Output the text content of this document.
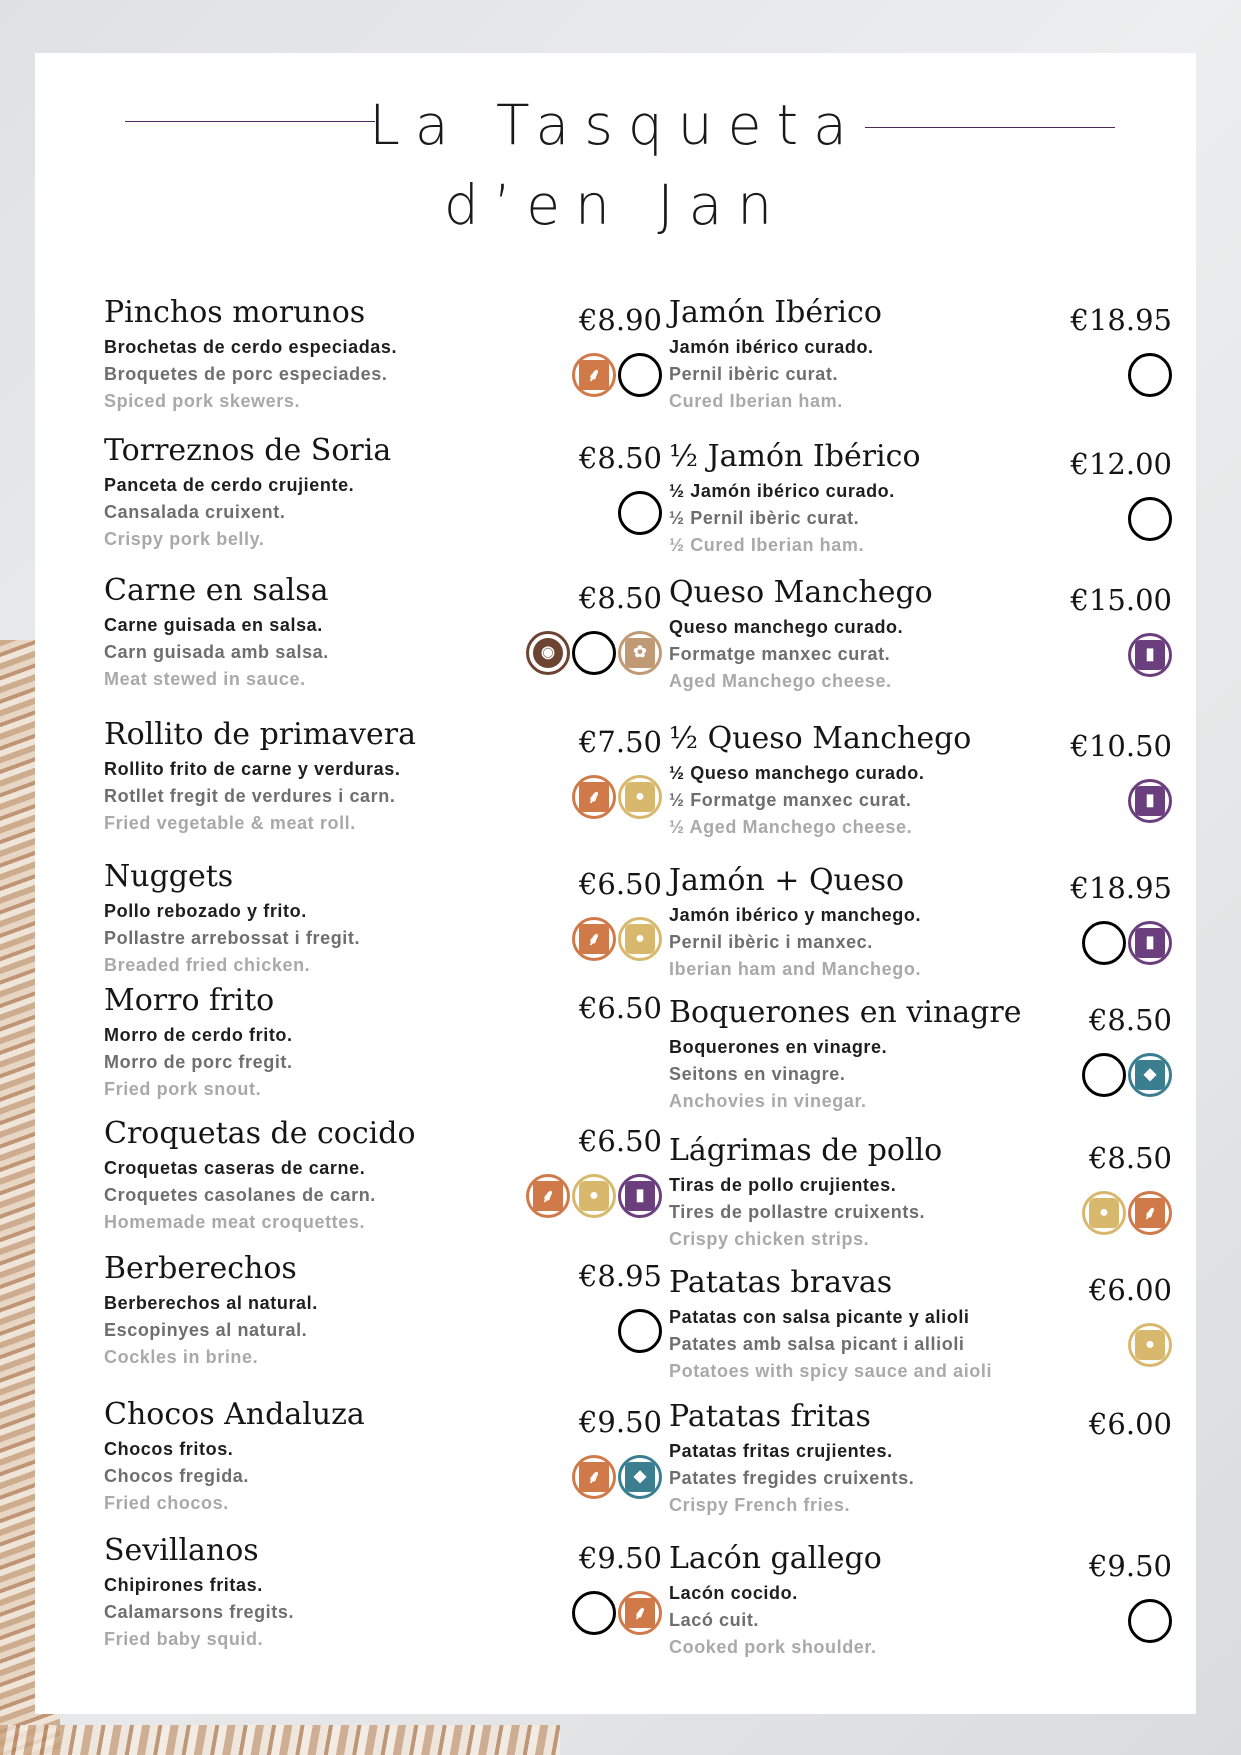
La Tasqueta
d’en Jan
Pinchos morunos	€8.90
Brochetas de cerdo especiadas.
Broquetes de porc especiades.
Spiced pork skewers.
⸙	SO2
Torreznos de Soria	€8.50
Panceta de cerdo crujiente.
Cansalada cruixent.
Crispy pork belly.
SO2
Carne en salsa	€8.50
Carne guisada en salsa.
Carn guisada amb salsa.
Meat stewed in sauce.
◉	SO2	✿
Rollito de primavera	€7.50
Rollito frito de carne y verduras.
Rotllet fregit de verdures i carn.
Fried vegetable & meat roll.
⸙	●
Nuggets	€6.50
Pollo rebozado y frito.
Pollastre arrebossat i fregit.
Breaded fried chicken.
⸙	●
Morro frito	€6.50
Morro de cerdo frito.
Morro de porc fregit.
Fried pork snout.
Croquetas de cocido	€6.50
Croquetas caseras de carne.
Croquetes casolanes de carn.
Homemade meat croquettes.
⸙	●	▮
Berberechos	€8.95
Berberechos al natural.
Escopinyes al natural.
Cockles in brine.
◍
Chocos Andaluza	€9.50
Chocos fritos.
Chocos fregida.
Fried chocos.
⸙	◆
Sevillanos	€9.50
Chipirones fritas.
Calamarsons fregits.
Fried baby squid.
◍	⸙
Jamón Ibérico	€18.95
Jamón ibérico curado.
Pernil ibèric curat.
Cured Iberian ham.
SO2
½ Jamón Ibérico	€12.00
½ Jamón ibérico curado.
½ Pernil ibèric curat.
½ Cured Iberian ham.
SO2
Queso Manchego	€15.00
Queso manchego curado.
Formatge manxec curat.
Aged Manchego cheese.
▮
½ Queso Manchego	€10.50
½ Queso manchego curado.
½ Formatge manxec curat.
½ Aged Manchego cheese.
▮
Jamón + Queso	€18.95
Jamón ibérico y manchego.
Pernil ibèric i manxec.
Iberian ham and Manchego.
SO2	▮
Boquerones en vinagre €8.50
Boquerones en vinagre.
Seitons en vinagre.
Anchovies in vinegar.
SO2	◆
Lágrimas de pollo	€8.50
Tiras de pollo crujientes.
Tires de pollastre cruixents.
Crispy chicken strips.
●	⸙
Patatas bravas	€6.00
Patatas con salsa picante y alioli
Patates amb salsa picant i allioli
Potatoes with spicy sauce and aioli
●
Patatas fritas	€6.00
Patatas fritas crujientes.
Patates fregides cruixents.
Crispy French fries.
Lacón gallego	€9.50
Lacón cocido.
Lacó cuit.
Cooked pork shoulder.
SO2
